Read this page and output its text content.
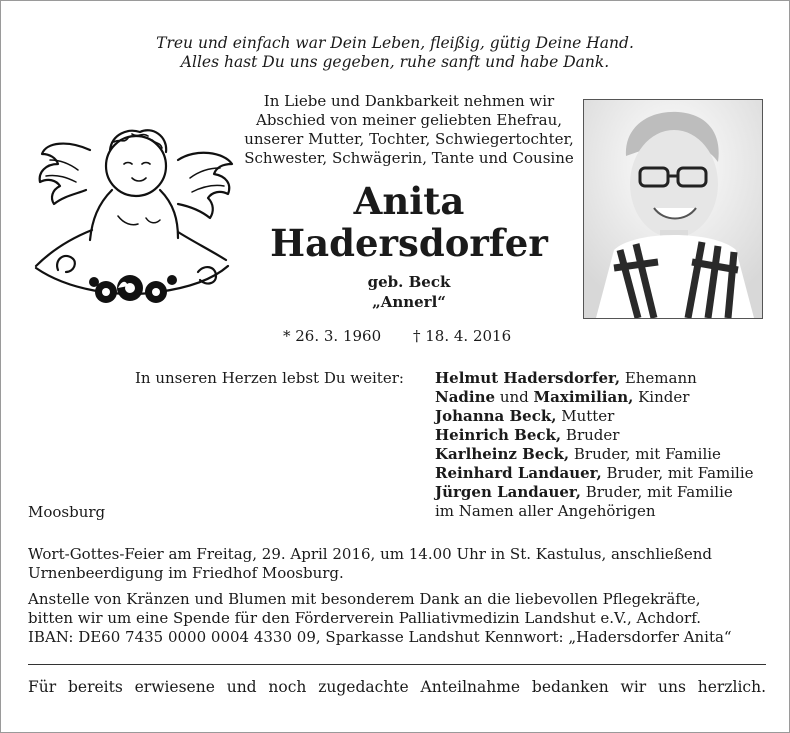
Treu und einfach war Dein Leben, fleißig, gütig Deine Hand.
Alles hast Du uns gegeben, ruhe sanft und habe Dank.
In Liebe und Dankbarkeit nehmen wir
Abschied von meiner geliebten Ehefrau,
unserer Mutter, Tochter, Schwiegertochter,
Schwester, Schwägerin, Tante und Cousine
Anita
Hadersdorfer
geb. Beck
„Annerl“
* 26. 3. 1960 † 18. 4. 2016
In unseren Herzen lebst Du weiter: Helmut Hadersdorfer, Ehemann
Nadine und Maximilian, Kinder
Johanna Beck, Mutter
Heinrich Beck, Bruder
Karlheinz Beck, Bruder, mit Familie
Reinhard Landauer, Bruder, mit Familie
Jürgen Landauer, Bruder, mit Familie
im Namen aller Angehörigen
Moosburg
Wort-Gottes-Feier am Freitag, 29. April 2016, um 14.00 Uhr in St. Kastulus, anschließend
Urnenbeerdigung im Friedhof Moosburg.
Anstelle von Kränzen und Blumen mit besonderem Dank an die liebevollen Pflegekräfte,
bitten wir um eine Spende für den Förderverein Palliativmedizin Landshut e.V., Achdorf.
IBAN: DE60 7435 0000 0004 4330 09, Sparkasse Landshut Kennwort: „Hadersdorfer Anita“
Für bereits erwiesene und noch zugedachte Anteilnahme bedanken wir uns herzlich.
